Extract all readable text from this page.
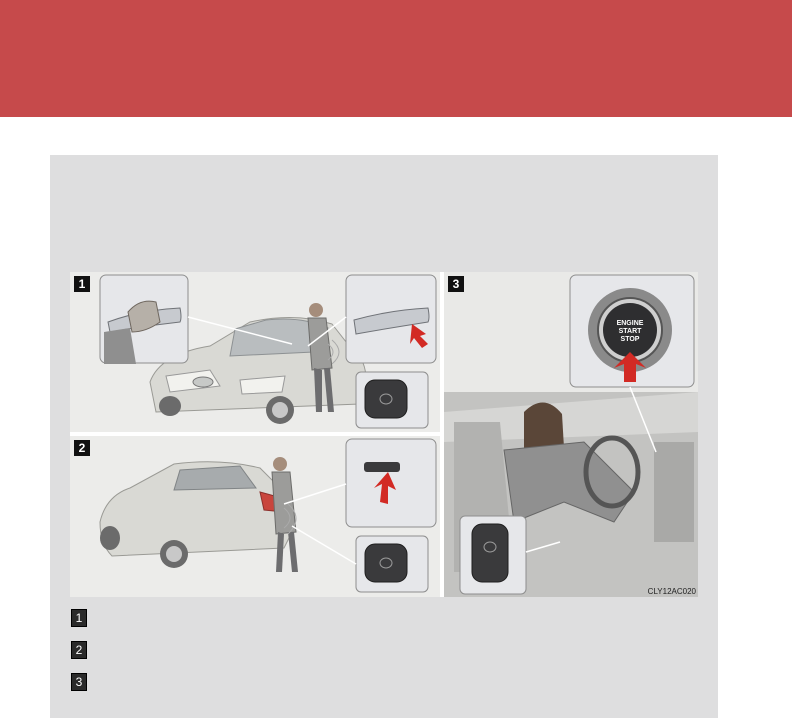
1
2
ENGINE
START
STOP
3
CLY12AC020
1
2
3
